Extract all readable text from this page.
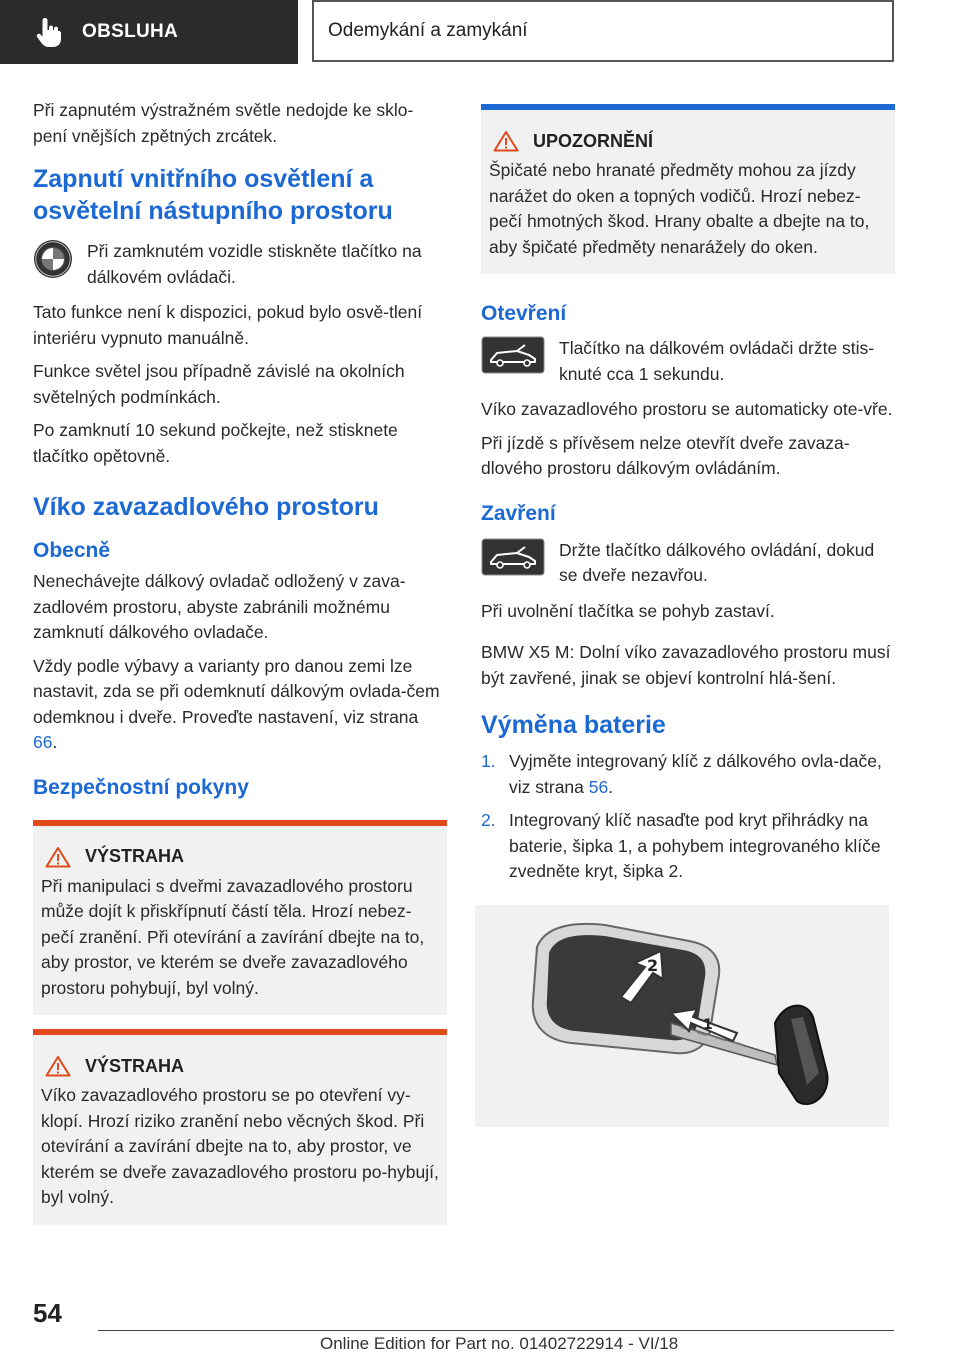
OBSLUHA	Odemykání a zamykání

Při zapnutém výstražném světle nedojde ke sklo-pení vnějších zpětných zrcátek.

Zapnutí vnitřního osvětlení a osvětelní nástupního prostoru
Při zamknutém vozidle stiskněte tlačítko na dálkovém ovládači.

Tato funkce není k dispozici, pokud bylo osvě-tlení interiéru vypnuto manuálně.

Funkce světel jsou případně závislé na okolních světelných podmínkách.

Po zamknutí 10 sekund počkejte, než stisknete tlačítko opětovně.

Víko zavazadlového prostoru
Obecně

Nenechávejte dálkový ovladač odložený v zava-zadlovém prostoru, abyste zabránili možnému zamknutí dálkového ovladače.

Vždy podle výbavy a varianty pro danou zemi lze nastavit, zda se při odemknutí dálkovým ovlada-čem odemknou i dveře. Proveďte nastavení, viz strana 66.

Bezpečnostní pokyny
VÝSTRAHA
Při manipulaci s dveřmi zavazadlového prostoru může dojít k přiskřípnutí částí těla. Hrozí nebez-pečí zranění. Při otevírání a zavírání dbejte na to, aby prostor, ve kterém se dveře zavazadlového prostoru pohybují, byl volný.
VÝSTRAHA
Víko zavazadlového prostoru se po otevření vy-klopí. Hrozí riziko zranění nebo věcných škod. Při otevírání a zavírání dbejte na to, aby prostor, ve kterém se dveře zavazadlového prostoru po-hybují, byl volný.
UPOZORNĚNÍ
Špičaté nebo hranaté předměty mohou za jízdy narážet do oken a topných vodičů. Hrozí nebez-pečí hmotných škod. Hrany obalte a dbejte na to, aby špičaté předměty nenarážely do oken.
Otevření
Tlačítko na dálkovém ovládači držte stis-knuté cca 1 sekundu.

Víko zavazadlového prostoru se automaticky ote-vře.

Při jízdě s přívěsem nelze otevřít dveře zavaza-dlového prostoru dálkovým ovládáním.

Zavření
Držte tlačítko dálkového ovládání, dokud se dveře nezavřou.

Při uvolnění tlačítka se pohyb zastaví.

BMW X5 M: Dolní víko zavazadlového prostoru musí být zavřené, jinak se objeví kontrolní hlá-šení.

Výměna baterie
1. Vyjměte integrovaný klíč z dálkového ovla-dače, viz strana 56.
2. Integrovaný klíč nasaďte pod kryt přihrádky na baterie, šipka 1, a pohybem integrovaného klíče zvedněte kryt, šipka 2.
2
1
54
Online Edition for Part no. 01402722914 - VI/18
